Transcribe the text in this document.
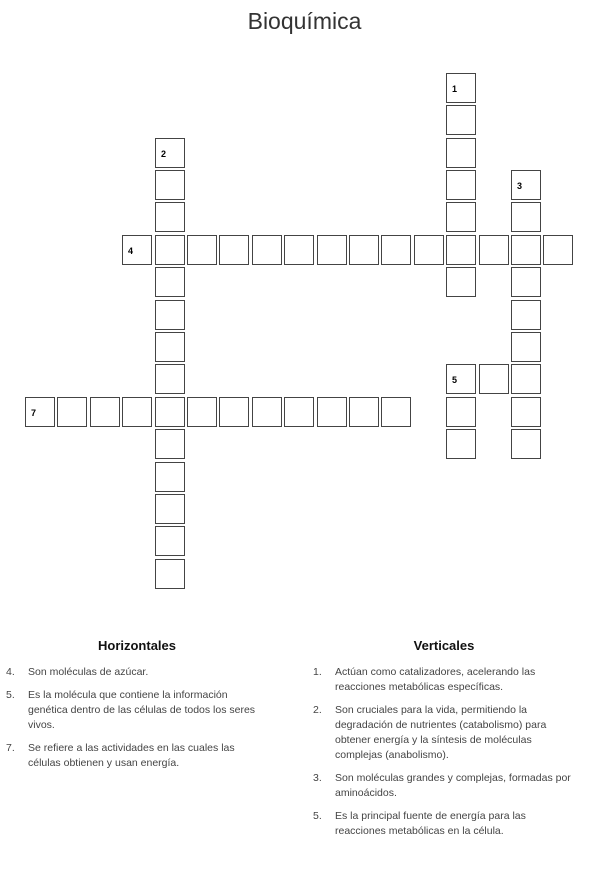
Bioquímica
1
2
3
4
5
7
Horizontales
4. Son moléculas de azúcar.
5. Es la molécula que contiene la información genética dentro de las células de todos los seres vivos.
7. Se refiere a las actividades en las cuales las células obtienen y usan energía.
Verticales
1. Actúan como catalizadores, acelerando las reacciones metabólicas específicas.
2. Son cruciales para la vida, permitiendo la degradación de nutrientes (catabolismo) para obtener energía y la síntesis de moléculas complejas (anabolismo).
3. Son moléculas grandes y complejas, formadas por aminoácidos.
5. Es la principal fuente de energía para las reacciones metabólicas en la célula.
